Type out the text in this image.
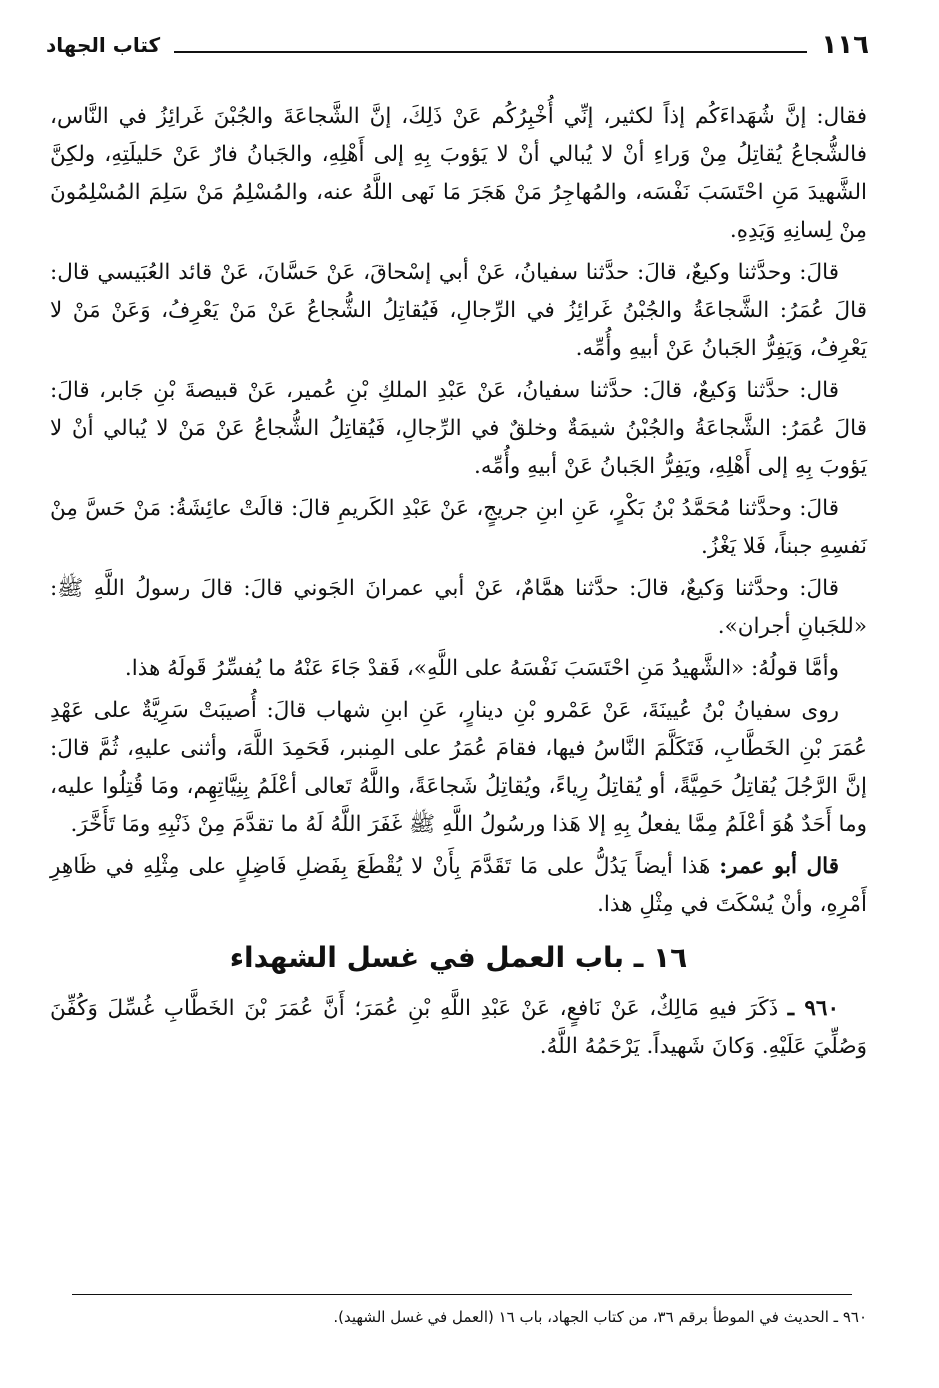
١١٦
كتاب الجهاد

فقال: إنَّ شُهَداءَكُم إذاً لكثير، إنِّي أُخْبِرُكُم عَنْ ذَلِكَ، إنَّ الشَّجاعَةَ والجُبْنَ غَرائِزُ في النَّاس، فالشُّجاعُ يُقاتِلُ مِنْ وَراءِ أنْ لا يُبالي أنْ لا يَؤوبَ بِهِ إلى أَهْلِهِ، والجَبانُ فارٌ عَنْ حَليلَتِهِ، ولكِنَّ الشَّهيدَ مَنِ احْتَسَبَ نَفْسَه، والمُهاجِرُ مَنْ هَجَرَ مَا نَهى اللَّهُ عنه، والمُسْلِمُ مَنْ سَلِمَ المُسْلِمُونَ مِنْ لِسانِهِ وَيَدِهِ.

قالَ: وحدَّثنا وكيعٌ، قالَ: حدَّثنا سفيانُ، عَنْ أبي إسْحاقَ، عَنْ حَسَّانَ، عَنْ قائد العُبَيسي قال: قالَ عُمَرُ: الشَّجاعَةُ والجُبْنُ غَرائِزُ في الرِّجالِ، فَيُقاتِلُ الشُّجاعُ عَنْ مَنْ يَعْرِفُ، وَعَنْ مَنْ لا يَعْرِفُ، وَيَفِرُّ الجَبانُ عَنْ أبيهِ وأُمِّه.

قال: حدَّثنا وَكيعٌ، قالَ: حدَّثنا سفيانُ، عَنْ عَبْدِ الملكِ بْنِ عُمير، عَنْ قبيصةَ بْنِ جَابر، قالَ: قالَ عُمَرُ: الشَّجاعَةُ والجُبْنُ شيمَةٌ وخلقٌ في الرِّجالِ، فَيُقاتِلُ الشُّجاعُ عَنْ مَنْ لا يُبالي أنْ لا يَؤوبَ بِهِ إلى أَهْلِهِ، ويَفِرُّ الجَبانُ عَنْ أبيهِ وأُمِّه.

قالَ: وحدَّثنا مُحَمَّدُ بْنُ بَكْرٍ، عَنِ ابنِ جريجٍ، عَنْ عَبْدِ الكَريمِ قالَ: قالَتْ عائِشَةُ: مَنْ حَسَّ مِنْ نَفسِهِ جبناً، فَلا يَغْزُ.

قالَ: وحدَّثنا وَكيعٌ، قالَ: حدَّثنا همَّامٌ، عَنْ أبي عمرانَ الجَوني قالَ: قالَ رسولُ اللَّهِ ﷺ: «للجَبانِ أجران».

وأمَّا قولُهُ: «الشَّهيدُ مَنِ احْتَسَبَ نَفْسَهُ على اللَّهِ»، فَقدْ جَاءَ عَنْهُ ما يُفسِّرُ قَولَهُ هذا.

روى سفيانُ بْنُ عُيينَةَ، عَنْ عَمْرو بْنِ دينارٍ، عَنِ ابنِ شهاب قالَ: أُصيبَتْ سَرِيَّةٌ على عَهْدِ عُمَرَ بْنِ الخَطَّابِ، فَتَكَلَّمَ النَّاسُ فيها، فقامَ عُمَرُ على المِنبر، فَحَمِدَ اللَّهَ، وأثنى عليهِ، ثُمَّ قالَ: إنَّ الرَّجُلَ يُقاتِلُ حَمِيَّةً، أو يُقاتِلُ رِياءً، ويُقاتِلُ شَجاعَةً، واللَّهُ تَعالى أعْلَمُ بِنِيَّاتِهِم، ومَا قُتِلُوا عليه، وما أَحَدٌ هُوَ أعْلَمُ مِمَّا يفعلُ بِهِ إلا هَذا ورسُولُ اللَّهِ ﷺ غَفَرَ اللَّهُ لَهُ ما تقدَّمَ مِنْ ذَنْبِهِ ومَا تَأَخَّرَ.

قال أبو عمر: هَذا أيضاً يَدُلُّ على مَا تَقَدَّمَ بِأَنْ لا يُقْطَعَ بِفَضلِ فَاضِلٍ على مِثْلِهِ في ظَاهِرِ أَمْرِهِ، وأنْ يُسْكَتَ في مِثْلِ هذا.

١٦ ـ باب العمل في غسل الشهداء

٩٦٠ ـ ذَكَرَ فيهِ مَالِكٌ، عَنْ نَافعٍ، عَنْ عَبْدِ اللَّهِ بْنِ عُمَرَ؛ أَنَّ عُمَرَ بْنَ الخَطَّابِ غُسِّلَ وَكُفِّنَ وَصُلِّيَ عَلَيْهِ. وَكانَ شَهيداً. يَرْحَمُهُ اللَّهُ.

٩٦٠ ـ الحديث في الموطأ برقم ٣٦، من كتاب الجهاد، باب ١٦ (العمل في غسل الشهيد).
